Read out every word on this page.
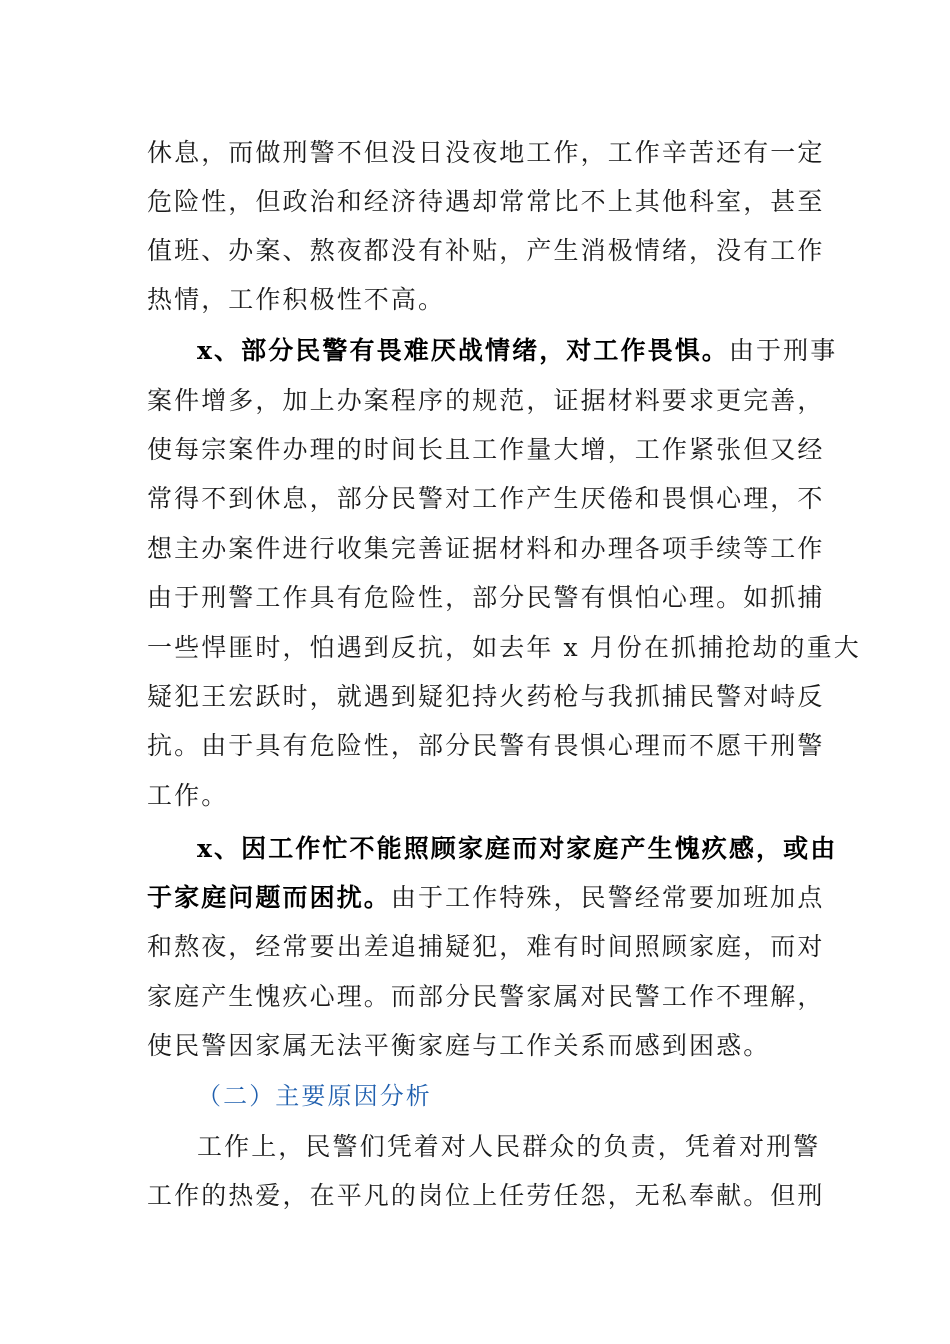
休息，而做刑警不但没日没夜地工作，工作辛苦还有一定
危险性，但政治和经济待遇却常常比不上其他科室，甚至
值班、办案、熬夜都没有补贴，产生消极情绪，没有工作
热情，工作积极性不高。
x、部分民警有畏难厌战情绪，对工作畏惧。由于刑事
案件增多，加上办案程序的规范，证据材料要求更完善，
使每宗案件办理的时间长且工作量大增，工作紧张但又经
常得不到休息，部分民警对工作产生厌倦和畏惧心理，不
想主办案件进行收集完善证据材料和办理各项手续等工作
由于刑警工作具有危险性，部分民警有惧怕心理。如抓捕
一些悍匪时，怕遇到反抗，如去年 x 月份在抓捕抢劫的重大
疑犯王宏跃时，就遇到疑犯持火药枪与我抓捕民警对峙反
抗。由于具有危险性，部分民警有畏惧心理而不愿干刑警
工作。
x、因工作忙不能照顾家庭而对家庭产生愧疚感，或由
于家庭问题而困扰。由于工作特殊，民警经常要加班加点
和熬夜，经常要出差追捕疑犯，难有时间照顾家庭，而对
家庭产生愧疚心理。而部分民警家属对民警工作不理解，
使民警因家属无法平衡家庭与工作关系而感到困惑。
（二）主要原因分析
工作上，民警们凭着对人民群众的负责，凭着对刑警
工作的热爱，在平凡的岗位上任劳任怨，无私奉献。但刑
